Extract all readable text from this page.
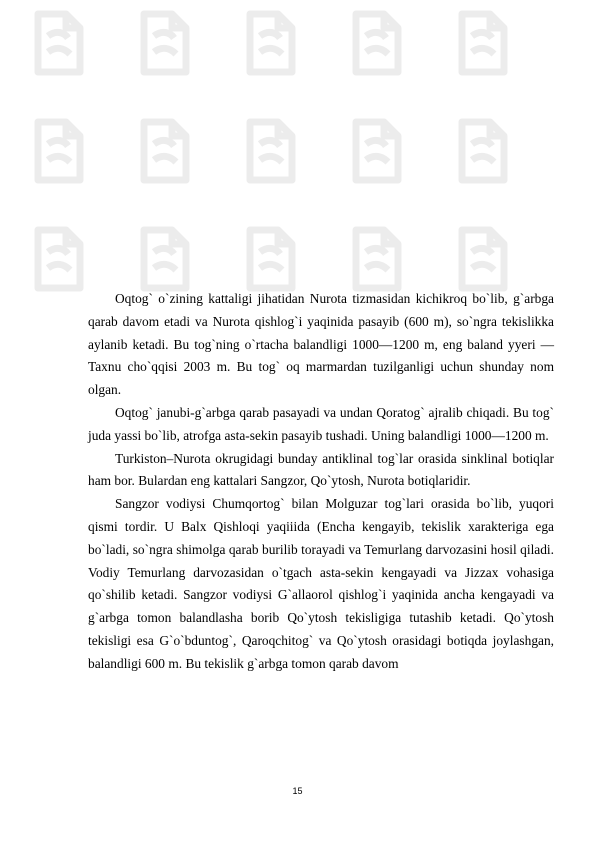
Oqtog` o`zining kattaligi jihatidan Nurota tizmasidan kichikroq bo`lib, g`arbga qarab davom etadi va Nurota qishlog`i yaqinida pasayib (600 m), so`ngra tekislikka aylanib ketadi. Bu tog`ning o`rtacha balandligi 1000—1200 m, eng baland yyeri — Taxnu cho`qqisi 2003 m. Bu tog` oq marmardan tuzilganligi uchun shunday nom olgan.

Oqtog` janubi-g`arbga qarab pasayadi va undan Qoratog` ajralib chiqadi. Bu tog` juda yassi bo`lib, atrofga asta-sekin pasayib tushadi. Uning balandligi 1000—1200 m.

Turkiston–Nurota okrugidagi bunday antiklinal tog`lar orasida sinklinal botiqlar ham bor. Bulardan eng kattalari Sangzor, Qo`ytosh, Nurota botiqlaridir.

Sangzor vodiysi Chumqortog` bilan Molguzar tog`lari orasida bo`lib, yuqori qismi tordir. U Balx Qishloqi yaqiiida (Encha kengayib, tekislik xarakteriga ega bo`ladi, so`ngra shimolga qarab burilib torayadi va Temurlang darvozasini hosil qiladi. Vodiy Temurlang darvozasidan o`tgach asta-sekin kengayadi va Jizzax vohasiga qo`shilib ketadi. Sangzor vodiysi G`allaorol qishlog`i yaqinida ancha kengayadi va g`arbga tomon balandlasha borib Qo`ytosh tekisligiga tutashib ketadi. Qo`ytosh tekisligi esa G`o`bduntog`, Qaroqchitog` va Qo`ytosh orasidagi botiqda joylashgan, balandligi 600 m. Bu tekislik g`arbga tomon qarab davom

15
